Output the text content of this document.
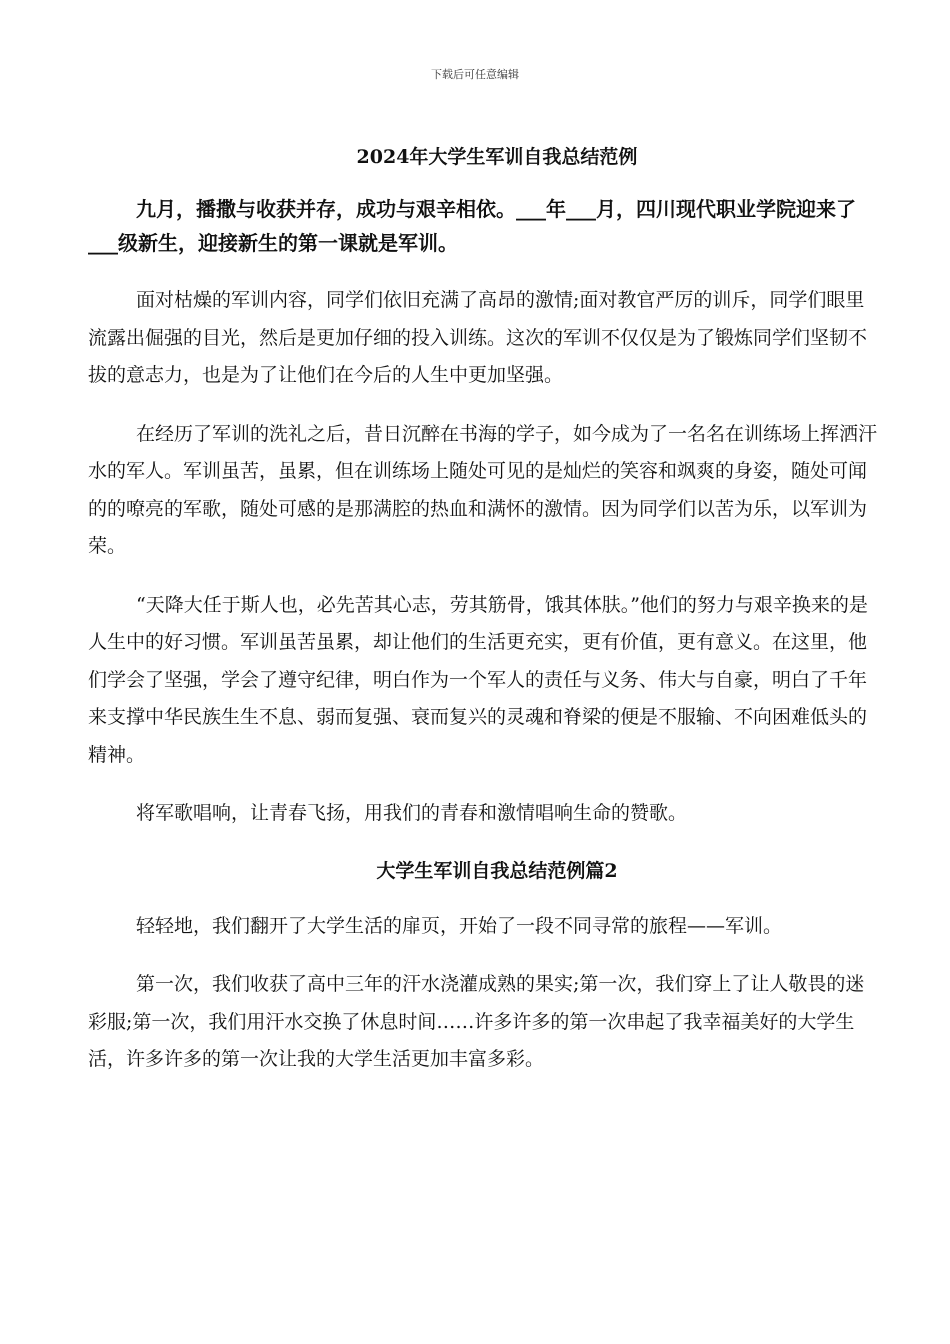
下载后可任意编辑
2024年大学生军训自我总结范例

九月，播撒与收获并存，成功与艰辛相依。___年___月，四川现代职业学院迎来了___级新生，迎接新生的第一课就是军训。

面对枯燥的军训内容，同学们依旧充满了高昂的激情;面对教官严厉的训斥，同学们眼里流露出倔强的目光，然后是更加仔细的投入训练。这次的军训不仅仅是为了锻炼同学们坚韧不拔的意志力，也是为了让他们在今后的人生中更加坚强。

在经历了军训的洗礼之后，昔日沉醉在书海的学子，如今成为了一名名在训练场上挥洒汗水的军人。军训虽苦，虽累，但在训练场上随处可见的是灿烂的笑容和飒爽的身姿，随处可闻的的嘹亮的军歌，随处可感的是那满腔的热血和满怀的激情。因为同学们以苦为乐，以军训为荣。

“天降大任于斯人也，必先苦其心志，劳其筋骨，饿其体肤。”他们的努力与艰辛换来的是人生中的好习惯。军训虽苦虽累，却让他们的生活更充实，更有价值，更有意义。在这里，他们学会了坚强，学会了遵守纪律，明白作为一个军人的责任与义务、伟大与自豪，明白了千年来支撑中华民族生生不息、弱而复强、衰而复兴的灵魂和脊梁的便是不服输、不向困难低头的精神。

将军歌唱响，让青春飞扬，用我们的青春和激情唱响生命的赞歌。

大学生军训自我总结范例篇2

轻轻地，我们翻开了大学生活的扉页，开始了一段不同寻常的旅程——军训。

第一次，我们收获了高中三年的汗水浇灌成熟的果实;第一次，我们穿上了让人敬畏的迷彩服;第一次，我们用汗水交换了休息时间……许多许多的第一次串起了我幸福美好的大学生活，许多许多的第一次让我的大学生活更加丰富多彩。
